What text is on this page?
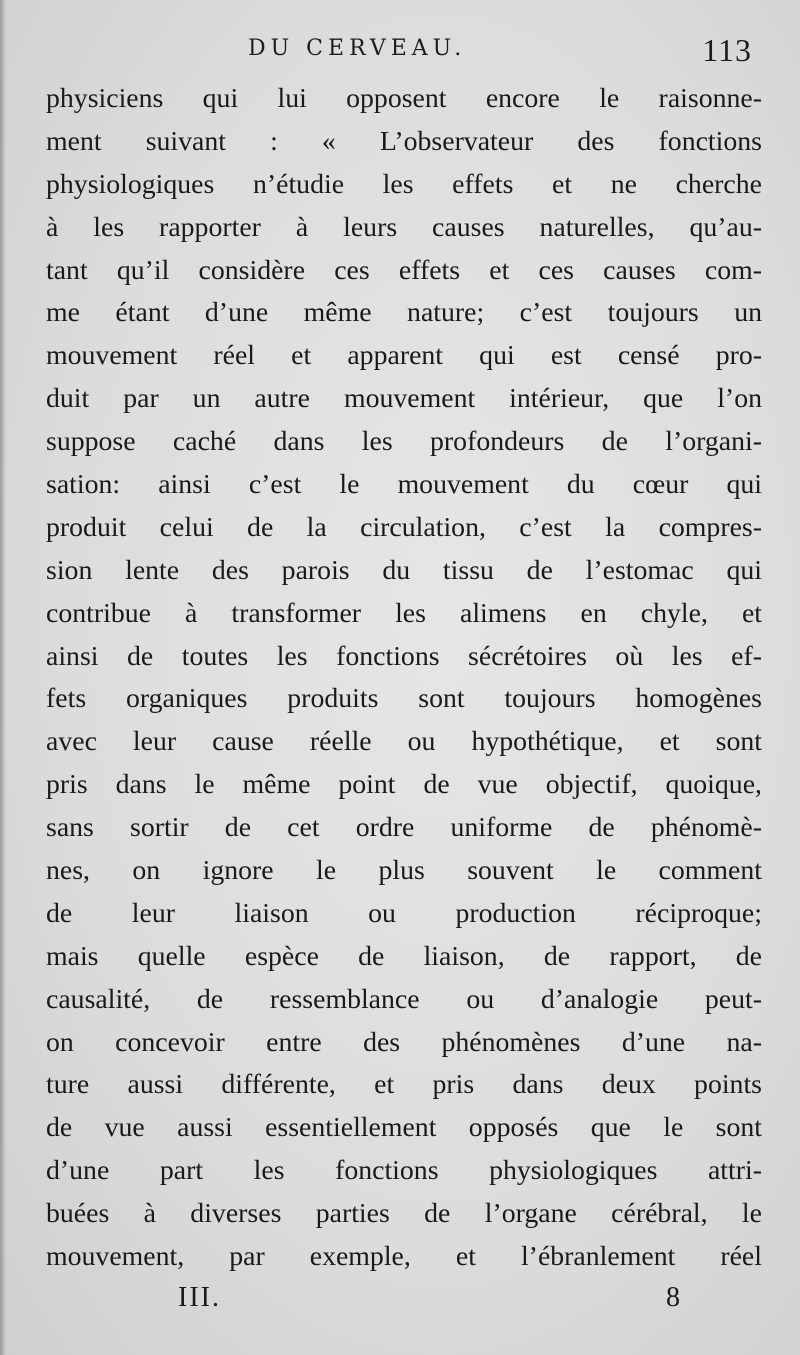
DU CERVEAU.	113
physiciens qui lui opposent encore le raisonne-
ment suivant : « L’observateur des fonctions
physiologiques n’étudie les effets et ne cherche
à les rapporter à leurs causes naturelles, qu’au-
tant qu’il considère ces effets et ces causes com-
me étant d’une même nature; c’est toujours un
mouvement réel et apparent qui est censé pro-
duit par un autre mouvement intérieur, que l’on
suppose caché dans les profondeurs de l’organi-
sation: ainsi c’est le mouvement du cœur qui
produit celui de la circulation, c’est la compres-
sion lente des parois du tissu de l’estomac qui
contribue à transformer les alimens en chyle, et
ainsi de toutes les fonctions sécrétoires où les ef-
fets organiques produits sont toujours homogènes
avec leur cause réelle ou hypothétique, et sont
pris dans le même point de vue objectif, quoique,
sans sortir de cet ordre uniforme de phénomè-
nes, on ignore le plus souvent le comment
de leur liaison ou production réciproque;
mais quelle espèce de liaison, de rapport, de
causalité, de ressemblance ou d’analogie peut-
on concevoir entre des phénomènes d’une na-
ture aussi différente, et pris dans deux points
de vue aussi essentiellement opposés que le sont
d’une part les fonctions physiologiques attri-
buées à diverses parties de l’organe cérébral, le
mouvement, par exemple, et l’ébranlement réel
III.	8
